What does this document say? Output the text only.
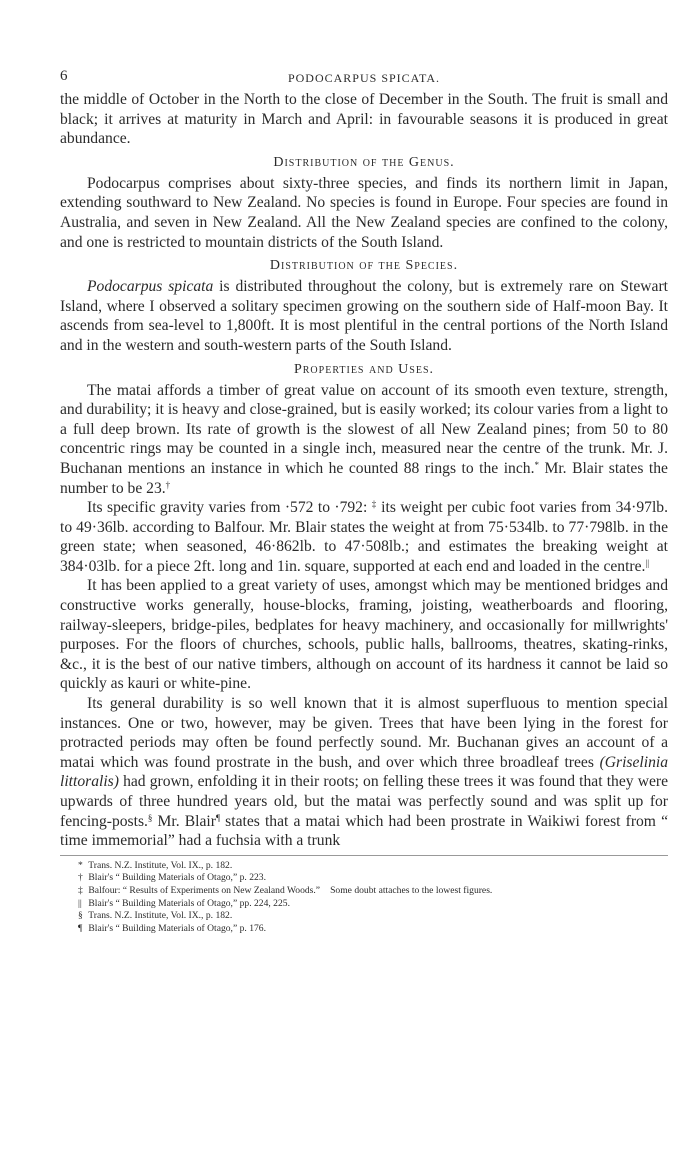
6	PODOCARPUS SPICATA.

the middle of October in the North to the close of December in the South. The fruit is small and black; it arrives at maturity in March and April: in favourable seasons it is produced in great abundance.

Distribution of the Genus.

Podocarpus comprises about sixty-three species, and finds its northern limit in Japan, extending southward to New Zealand. No species is found in Europe. Four species are found in Australia, and seven in New Zealand. All the New Zealand species are confined to the colony, and one is restricted to mountain districts of the South Island.

Distribution of the Species.

Podocarpus spicata is distributed throughout the colony, but is extremely rare on Stewart Island, where I observed a solitary specimen growing on the southern side of Half-moon Bay. It ascends from sea-level to 1,800ft. It is most plentiful in the central portions of the North Island and in the western and south-western parts of the South Island.

Properties and Uses.

The matai affords a timber of great value on account of its smooth even texture, strength, and durability; it is heavy and close-grained, but is easily worked; its colour varies from a light to a full deep brown. Its rate of growth is the slowest of all New Zealand pines; from 50 to 80 concentric rings may be counted in a single inch, measured near the centre of the trunk. Mr. J. Buchanan mentions an instance in which he counted 88 rings to the inch.* Mr. Blair states the number to be 23.†

Its specific gravity varies from ·572 to ·792: ‡ its weight per cubic foot varies from 34·97lb. to 49·36lb. according to Balfour. Mr. Blair states the weight at from 75·534lb. to 77·798lb. in the green state; when seasoned, 46·862lb. to 47·508lb.; and estimates the breaking weight at 384·03lb. for a piece 2ft. long and 1in. square, supported at each end and loaded in the centre.||

It has been applied to a great variety of uses, amongst which may be mentioned bridges and constructive works generally, house-blocks, framing, joisting, weatherboards and flooring, railway-sleepers, bridge-piles, bedplates for heavy machinery, and occasionally for millwrights' purposes. For the floors of churches, schools, public halls, ballrooms, theatres, skating-rinks, &c., it is the best of our native timbers, although on account of its hardness it cannot be laid so quickly as kauri or white-pine.

Its general durability is so well known that it is almost superfluous to mention special instances. One or two, however, may be given. Trees that have been lying in the forest for protracted periods may often be found perfectly sound. Mr. Buchanan gives an account of a matai which was found prostrate in the bush, and over which three broadleaf trees (Griselinia littoralis) had grown, enfolding it in their roots; on felling these trees it was found that they were upwards of three hundred years old, but the matai was perfectly sound and was split up for fencing-posts.§ Mr. Blair¶ states that a matai which had been prostrate in Waikiwi forest from “ time immemorial” had a fuchsia with a trunk

* Trans. N.Z. Institute, Vol. IX., p. 182.

† Blair's “ Building Materials of Otago,” p. 223.

‡ Balfour: “ Results of Experiments on New Zealand Woods.” Some doubt attaches to the lowest figures.

|| Blair's “ Building Materials of Otago,” pp. 224, 225.

§ Trans. N.Z. Institute, Vol. IX., p. 182.

¶ Blair's “ Building Materials of Otago,” p. 176.
